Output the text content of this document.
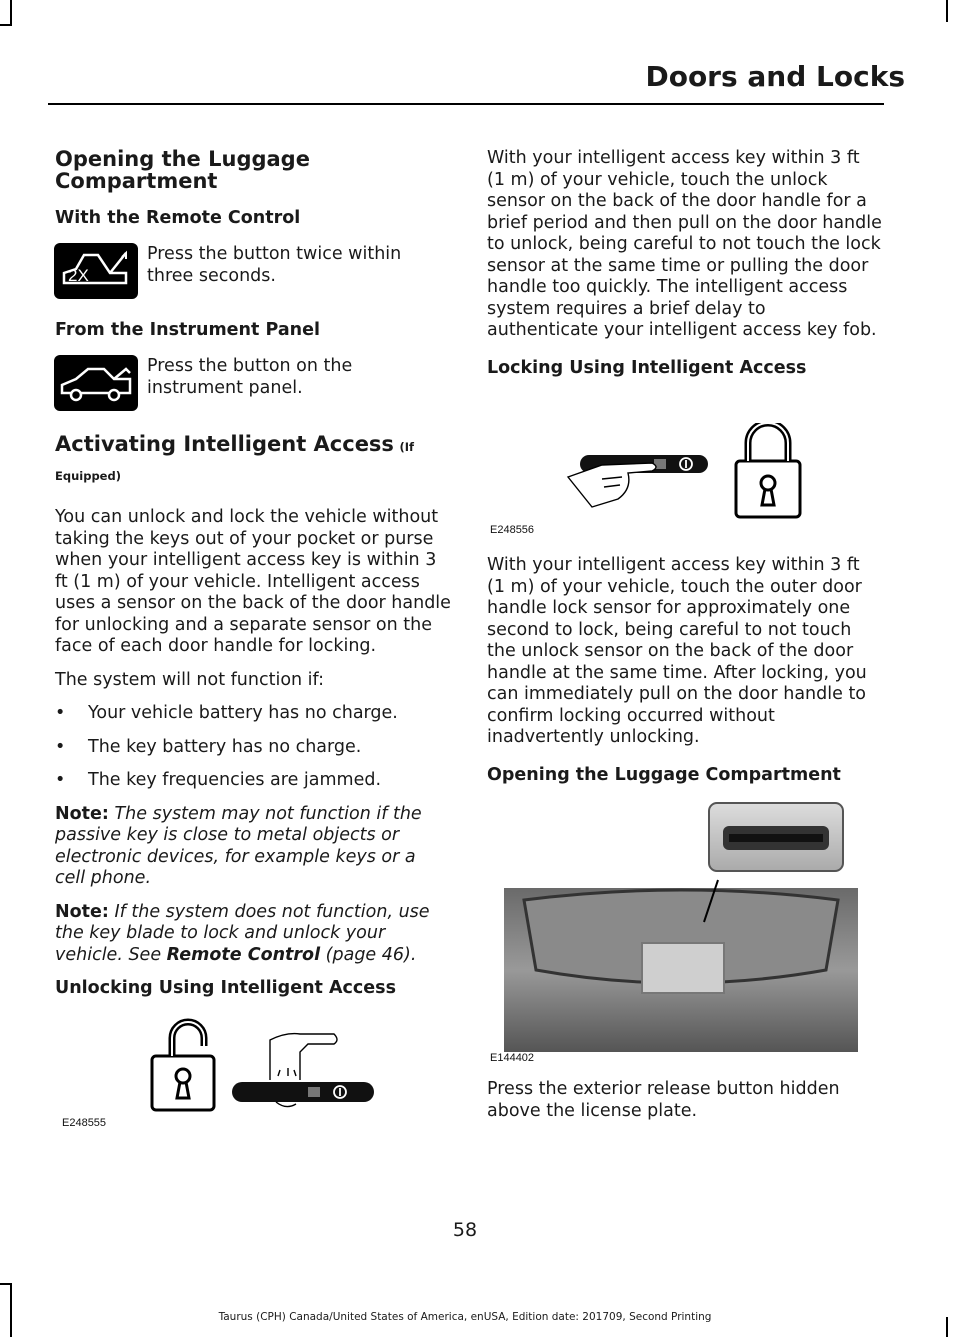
Doors and Locks
Opening the Luggage Compartment
With the Remote Control
2X
Press the button twice within three seconds.
From the Instrument Panel
Press the button on the instrument panel.
Activating Intelligent Access (If Equipped)

You can unlock and lock the vehicle without taking the keys out of your pocket or purse when your intelligent access key is within 3 ft (1 m) of your vehicle. Intelligent access uses a sensor on the back of the door handle for unlocking and a separate sensor on the face of each door handle for locking.

The system will not function if:

• Your vehicle battery has no charge.
• The key battery has no charge.
• The key frequencies are jammed.

Note: The system may not function if the passive key is close to metal objects or electronic devices, for example keys or a cell phone.

Note: If the system does not function, use the key blade to lock and unlock your vehicle. See Remote Control (page 46).

Unlocking Using Intelligent Access
E248555

With your intelligent access key within 3 ft (1 m) of your vehicle, touch the unlock sensor on the back of the door handle for a brief period and then pull on the door handle to unlock, being careful to not touch the lock sensor at the same time or pulling the door handle too quickly. The intelligent access system requires a brief delay to authenticate your intelligent access key fob.

Locking Using Intelligent Access
E248556

With your intelligent access key within 3 ft (1 m) of your vehicle, touch the outer door handle lock sensor for approximately one second to lock, being careful to not touch the unlock sensor on the back of the door handle at the same time. After locking, you can immediately pull on the door handle to confirm locking occurred without inadvertently unlocking.

Opening the Luggage Compartment
E144402
Press the exterior release button hidden above the license plate.
58
Taurus (CPH) Canada/United States of America, enUSA, Edition date: 201709, Second Printing
